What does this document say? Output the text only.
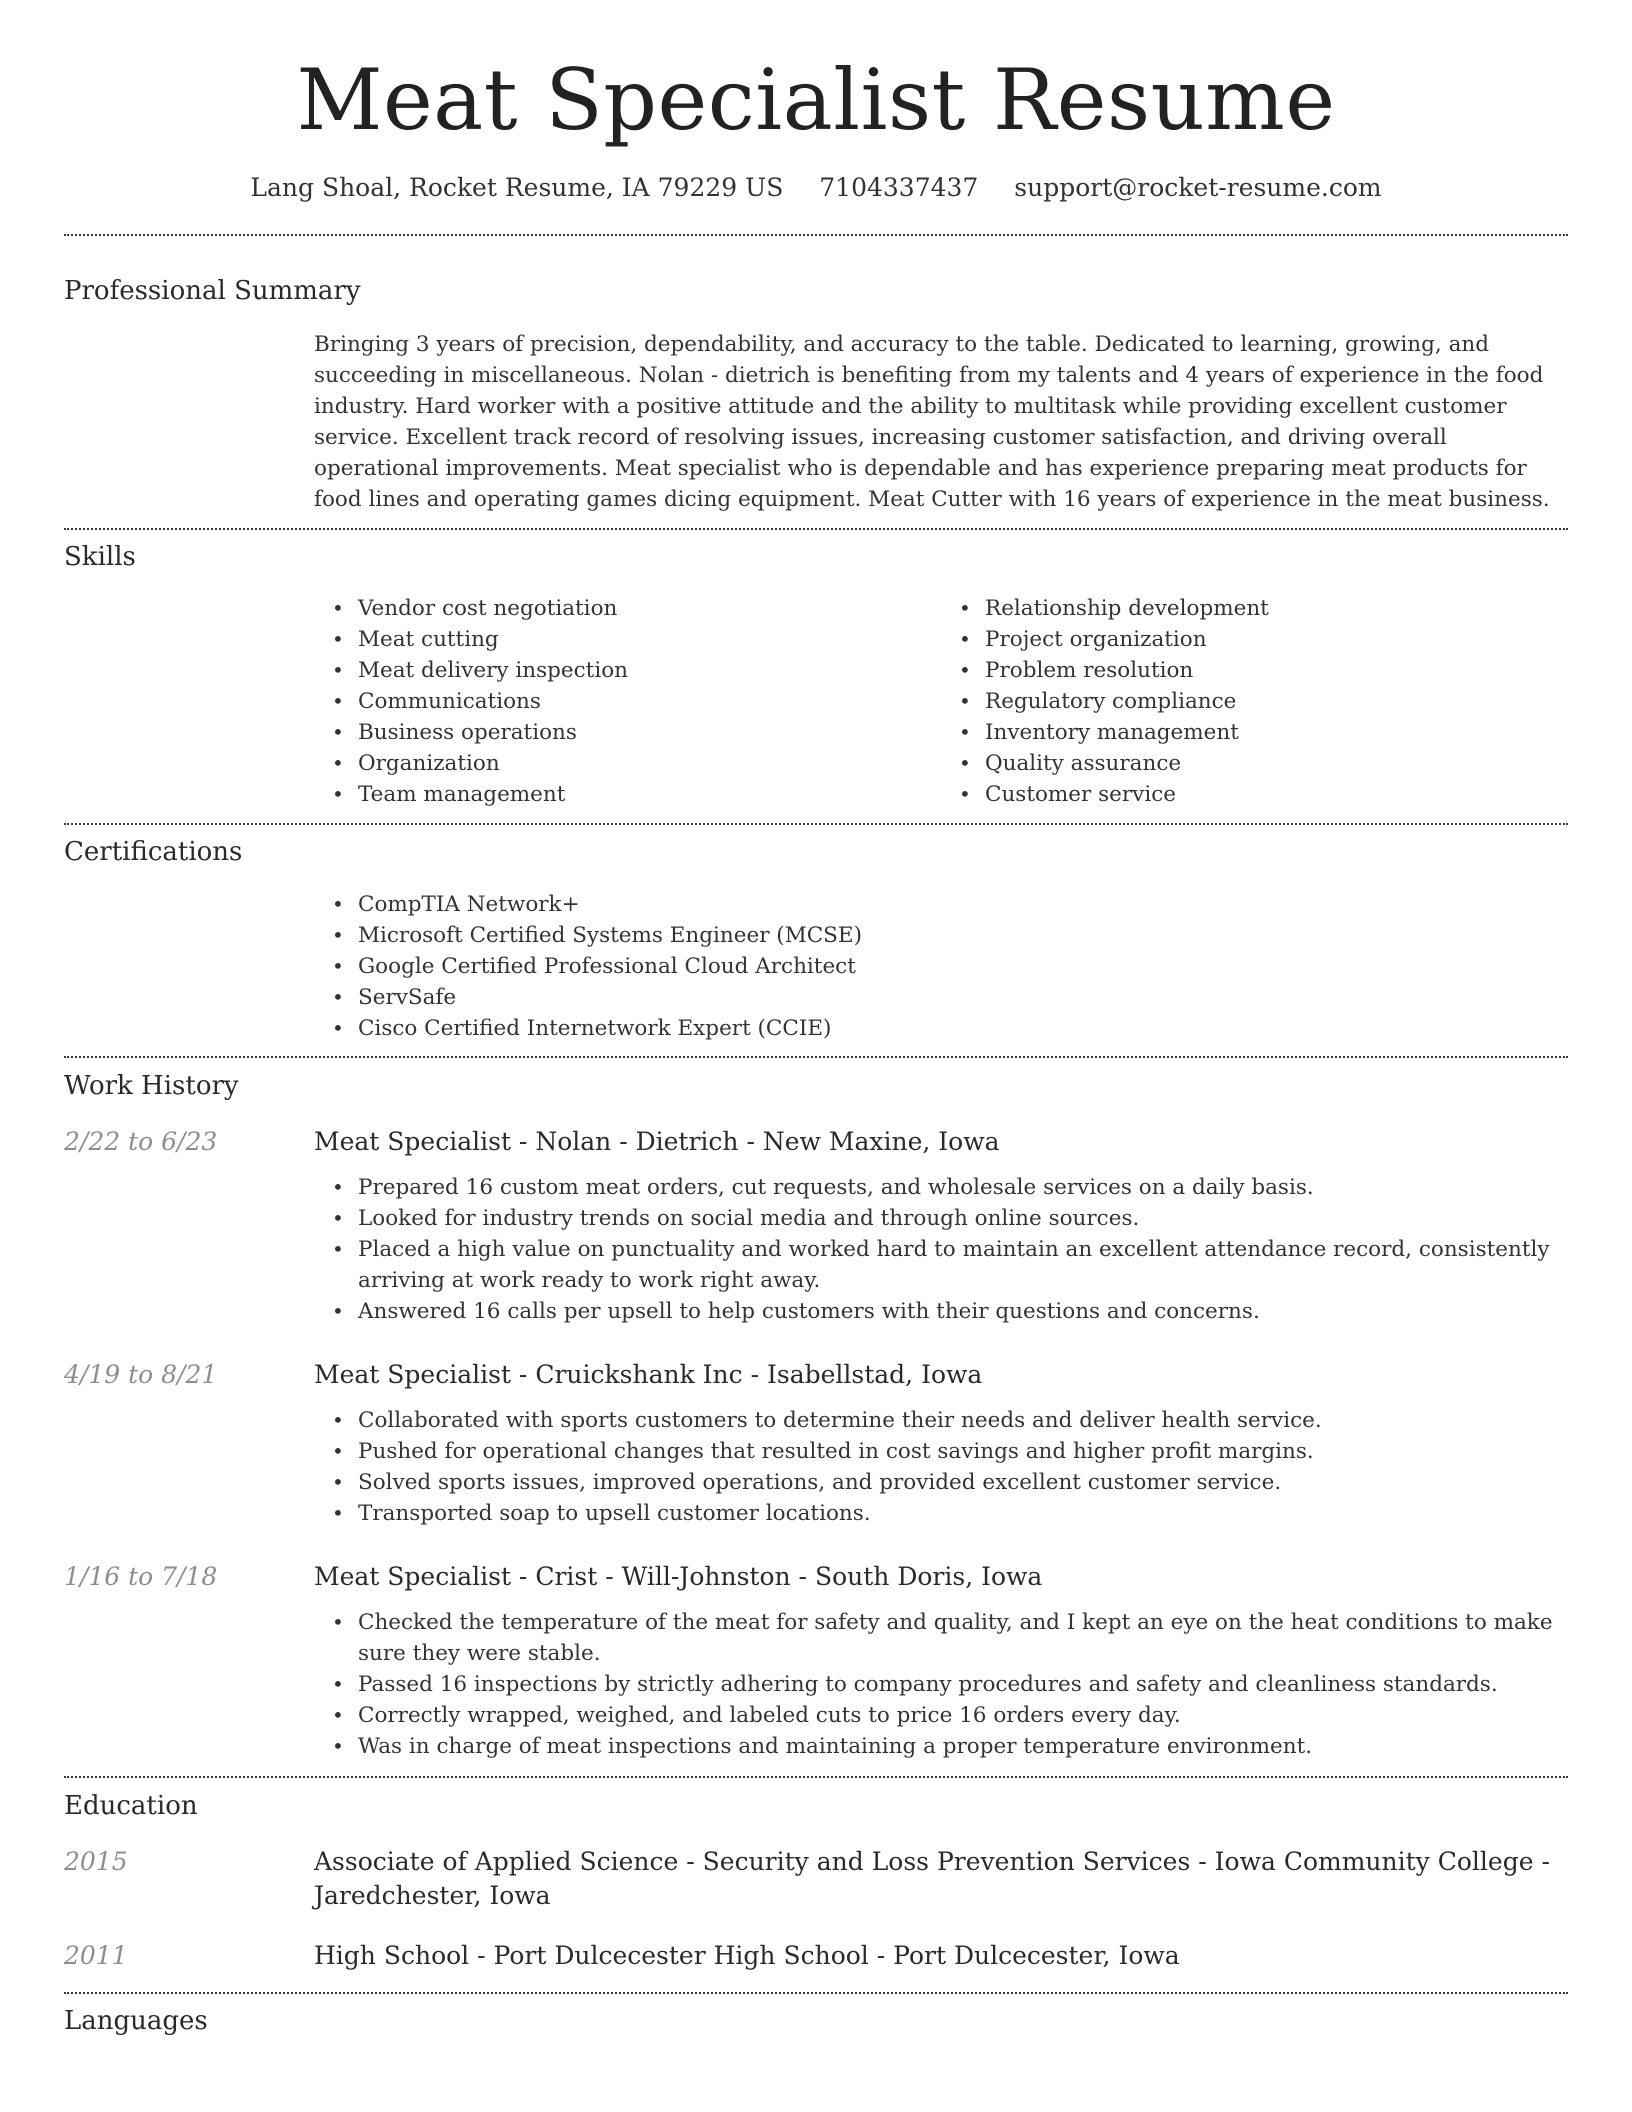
Meat Specialist Resume
Lang Shoal, Rocket Resume, IA 79229 US 7104337437 support@rocket-resume.com
Professional Summary

Bringing 3 years of precision, dependability, and accuracy to the table. Dedicated to learning, growing, and succeeding in miscellaneous. Nolan - dietrich is benefiting from my talents and 4 years of experience in the food industry. Hard worker with a positive attitude and the ability to multitask while providing excellent customer service. Excellent track record of resolving issues, increasing customer satisfaction, and driving overall operational improvements. Meat specialist who is dependable and has experience preparing meat products for food lines and operating games dicing equipment. Meat Cutter with 16 years of experience in the meat business.

Skills
• Vendor cost negotiation
• Meat cutting
• Meat delivery inspection
• Communications
• Business operations
• Organization
• Team management
• Relationship development
• Project organization
• Problem resolution
• Regulatory compliance
• Inventory management
• Quality assurance
• Customer service
Certifications
• CompTIA Network+
• Microsoft Certified Systems Engineer (MCSE)
• Google Certified Professional Cloud Architect
• ServSafe
• Cisco Certified Internetwork Expert (CCIE)
Work History
2/22 to 6/23	Meat Specialist - Nolan - Dietrich - New Maxine, Iowa
• Prepared 16 custom meat orders, cut requests, and wholesale services on a daily basis.
• Looked for industry trends on social media and through online sources.
• Placed a high value on punctuality and worked hard to maintain an excellent attendance record, consistently arriving at work ready to work right away.
• Answered 16 calls per upsell to help customers with their questions and concerns.
4/19 to 8/21	Meat Specialist - Cruickshank Inc - Isabellstad, Iowa
• Collaborated with sports customers to determine their needs and deliver health service.
• Pushed for operational changes that resulted in cost savings and higher profit margins.
• Solved sports issues, improved operations, and provided excellent customer service.
• Transported soap to upsell customer locations.
1/16 to 7/18	Meat Specialist - Crist - Will-Johnston - South Doris, Iowa
• Checked the temperature of the meat for safety and quality, and I kept an eye on the heat conditions to make sure they were stable.
• Passed 16 inspections by strictly adhering to company procedures and safety and cleanliness standards.
• Correctly wrapped, weighed, and labeled cuts to price 16 orders every day.
• Was in charge of meat inspections and maintaining a proper temperature environment.
Education
2015	Associate of Applied Science - Security and Loss Prevention Services - Iowa Community College - Jaredchester, Iowa
2011	High School - Port Dulcecester High School - Port Dulcecester, Iowa
Languages
